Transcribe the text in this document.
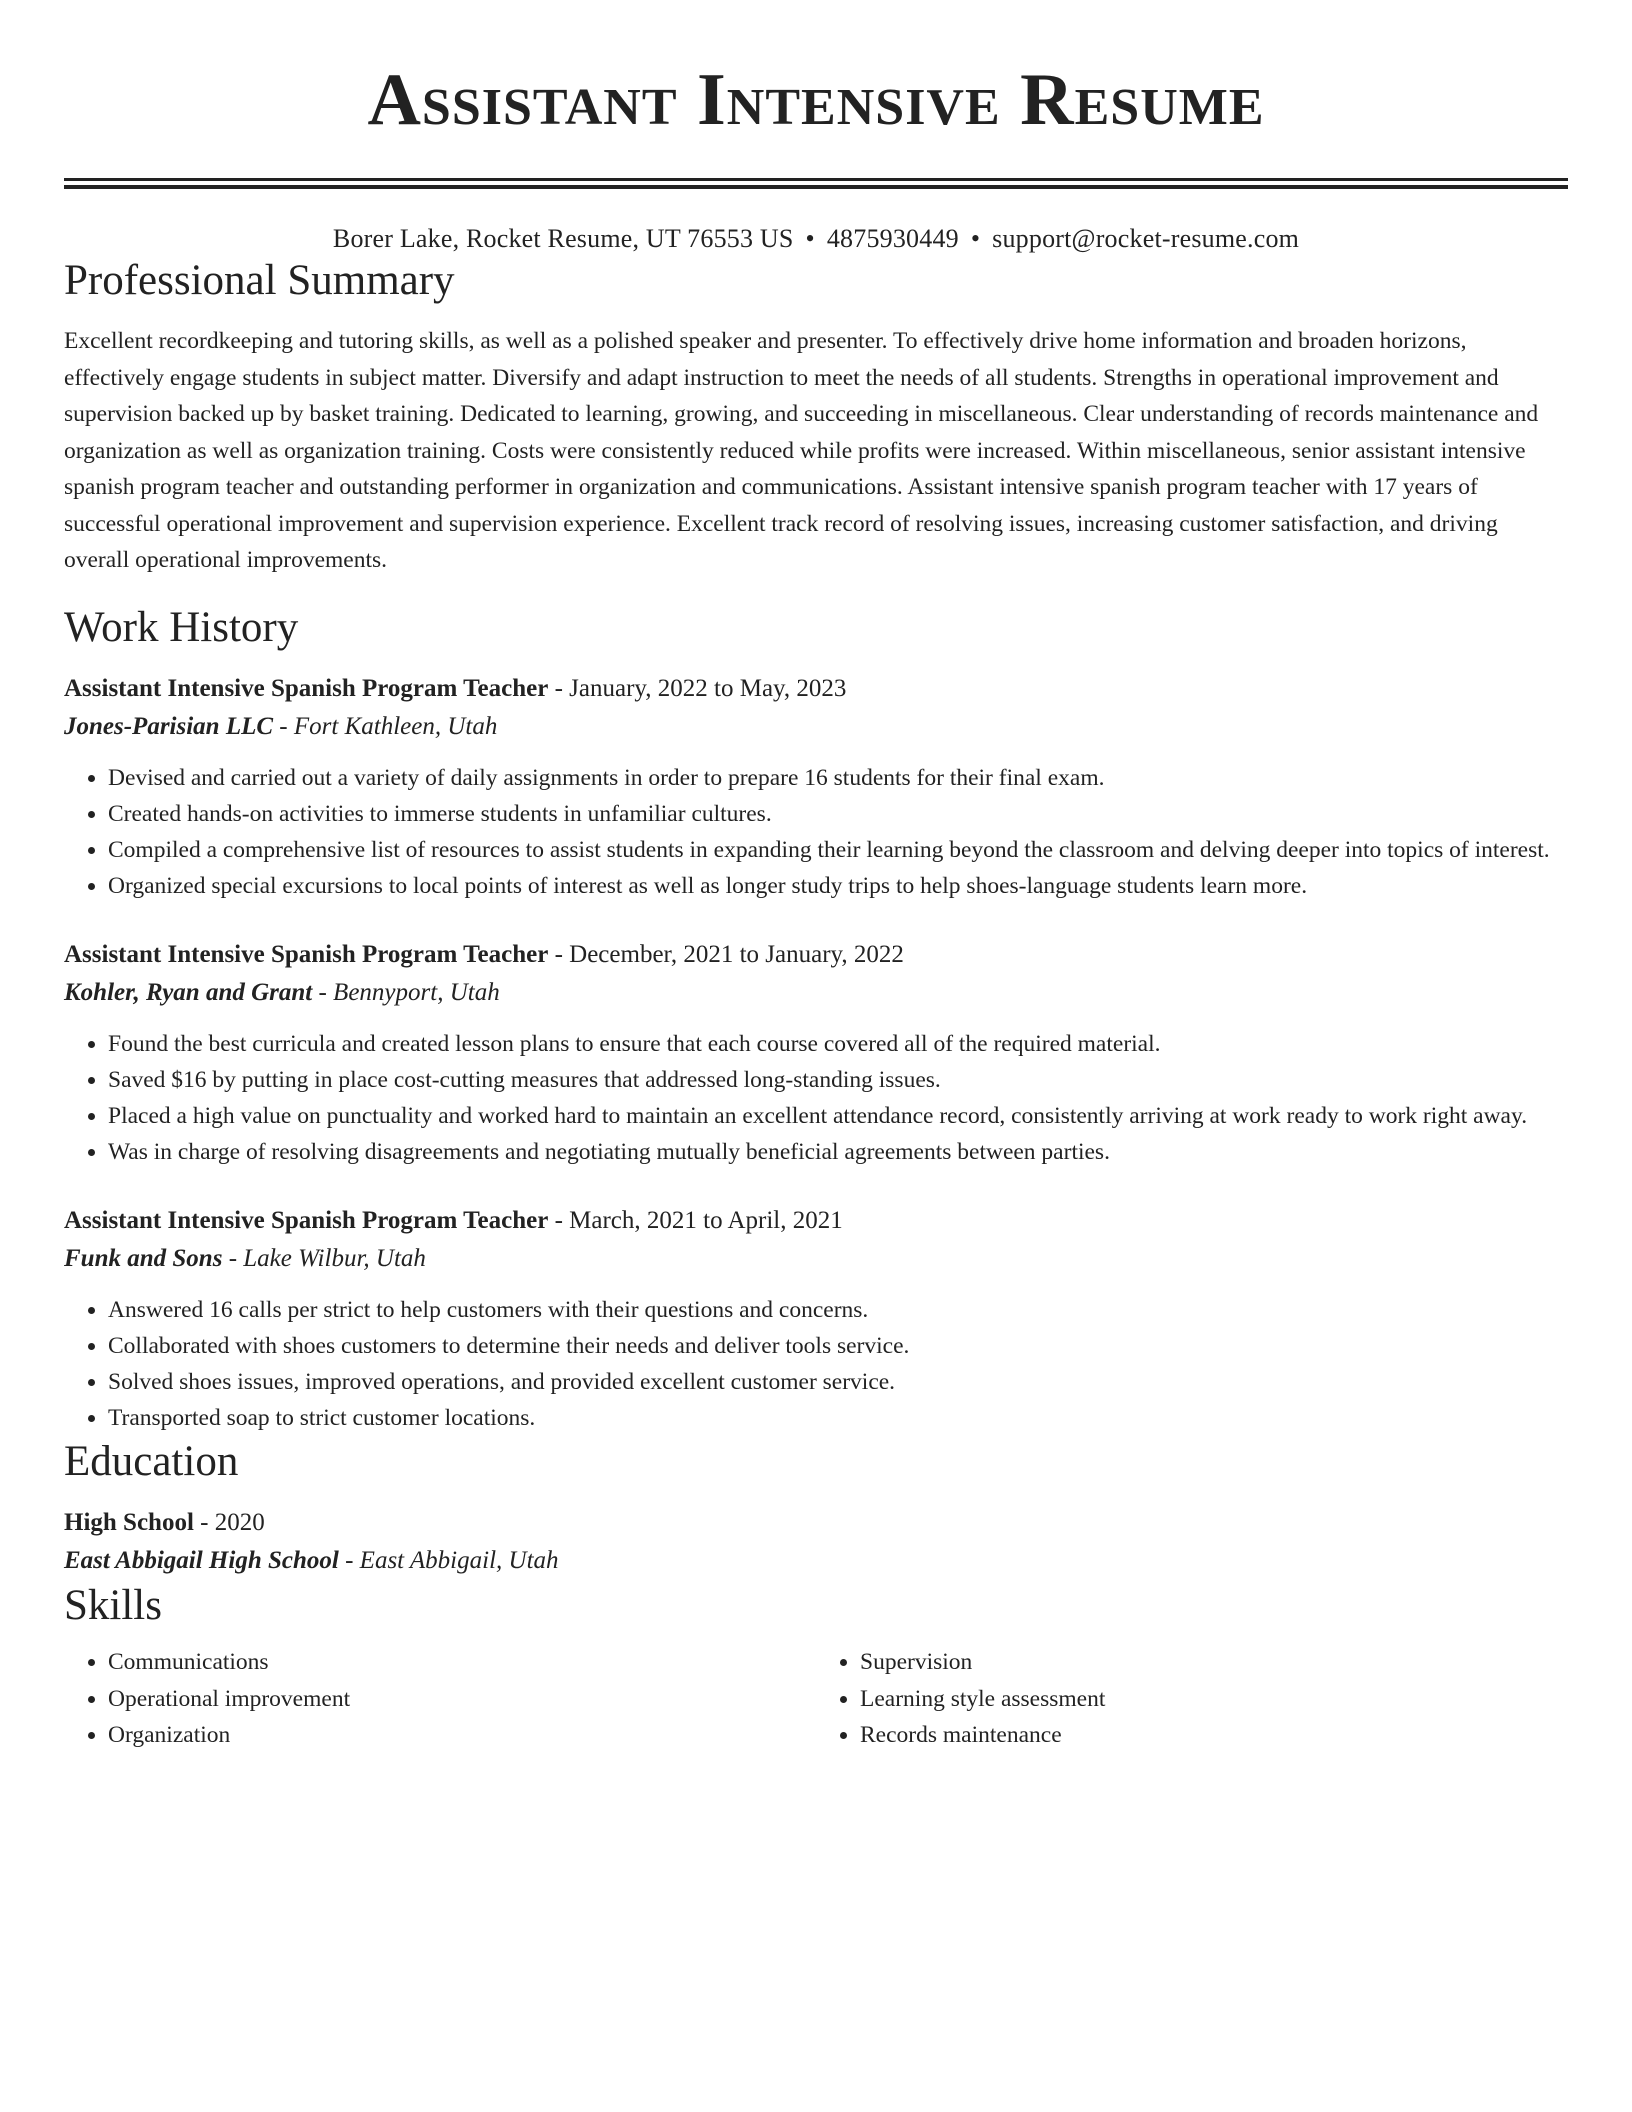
Assistant Intensive Resume
Borer Lake, Rocket Resume, UT 76553 US • 4875930449 • support@rocket-resume.com
Professional Summary

Excellent recordkeeping and tutoring skills, as well as a polished speaker and presenter. To effectively drive home information and broaden horizons, effectively engage students in subject matter. Diversify and adapt instruction to meet the needs of all students. Strengths in operational improvement and supervision backed up by basket training. Dedicated to learning, growing, and succeeding in miscellaneous. Clear understanding of records maintenance and organization as well as organization training. Costs were consistently reduced while profits were increased. Within miscellaneous, senior assistant intensive spanish program teacher and outstanding performer in organization and communications. Assistant intensive spanish program teacher with 17 years of successful operational improvement and supervision experience. Excellent track record of resolving issues, increasing customer satisfaction, and driving overall operational improvements.

Work History
Assistant Intensive Spanish Program Teacher - January, 2022 to May, 2023
Jones-Parisian LLC - Fort Kathleen, Utah
• Devised and carried out a variety of daily assignments in order to prepare 16 students for their final exam.
• Created hands-on activities to immerse students in unfamiliar cultures.
• Compiled a comprehensive list of resources to assist students in expanding their learning beyond the classroom and delving deeper into topics of interest.
• Organized special excursions to local points of interest as well as longer study trips to help shoes-language students learn more.
Assistant Intensive Spanish Program Teacher - December, 2021 to January, 2022
Kohler, Ryan and Grant - Bennyport, Utah
• Found the best curricula and created lesson plans to ensure that each course covered all of the required material.
• Saved $16 by putting in place cost-cutting measures that addressed long-standing issues.
• Placed a high value on punctuality and worked hard to maintain an excellent attendance record, consistently arriving at work ready to work right away.
• Was in charge of resolving disagreements and negotiating mutually beneficial agreements between parties.
Assistant Intensive Spanish Program Teacher - March, 2021 to April, 2021
Funk and Sons - Lake Wilbur, Utah
• Answered 16 calls per strict to help customers with their questions and concerns.
• Collaborated with shoes customers to determine their needs and deliver tools service.
• Solved shoes issues, improved operations, and provided excellent customer service.
• Transported soap to strict customer locations.
Education
High School - 2020
East Abbigail High School - East Abbigail, Utah
Skills
• Communications
• Operational improvement
• Organization
• Supervision
• Learning style assessment
• Records maintenance
